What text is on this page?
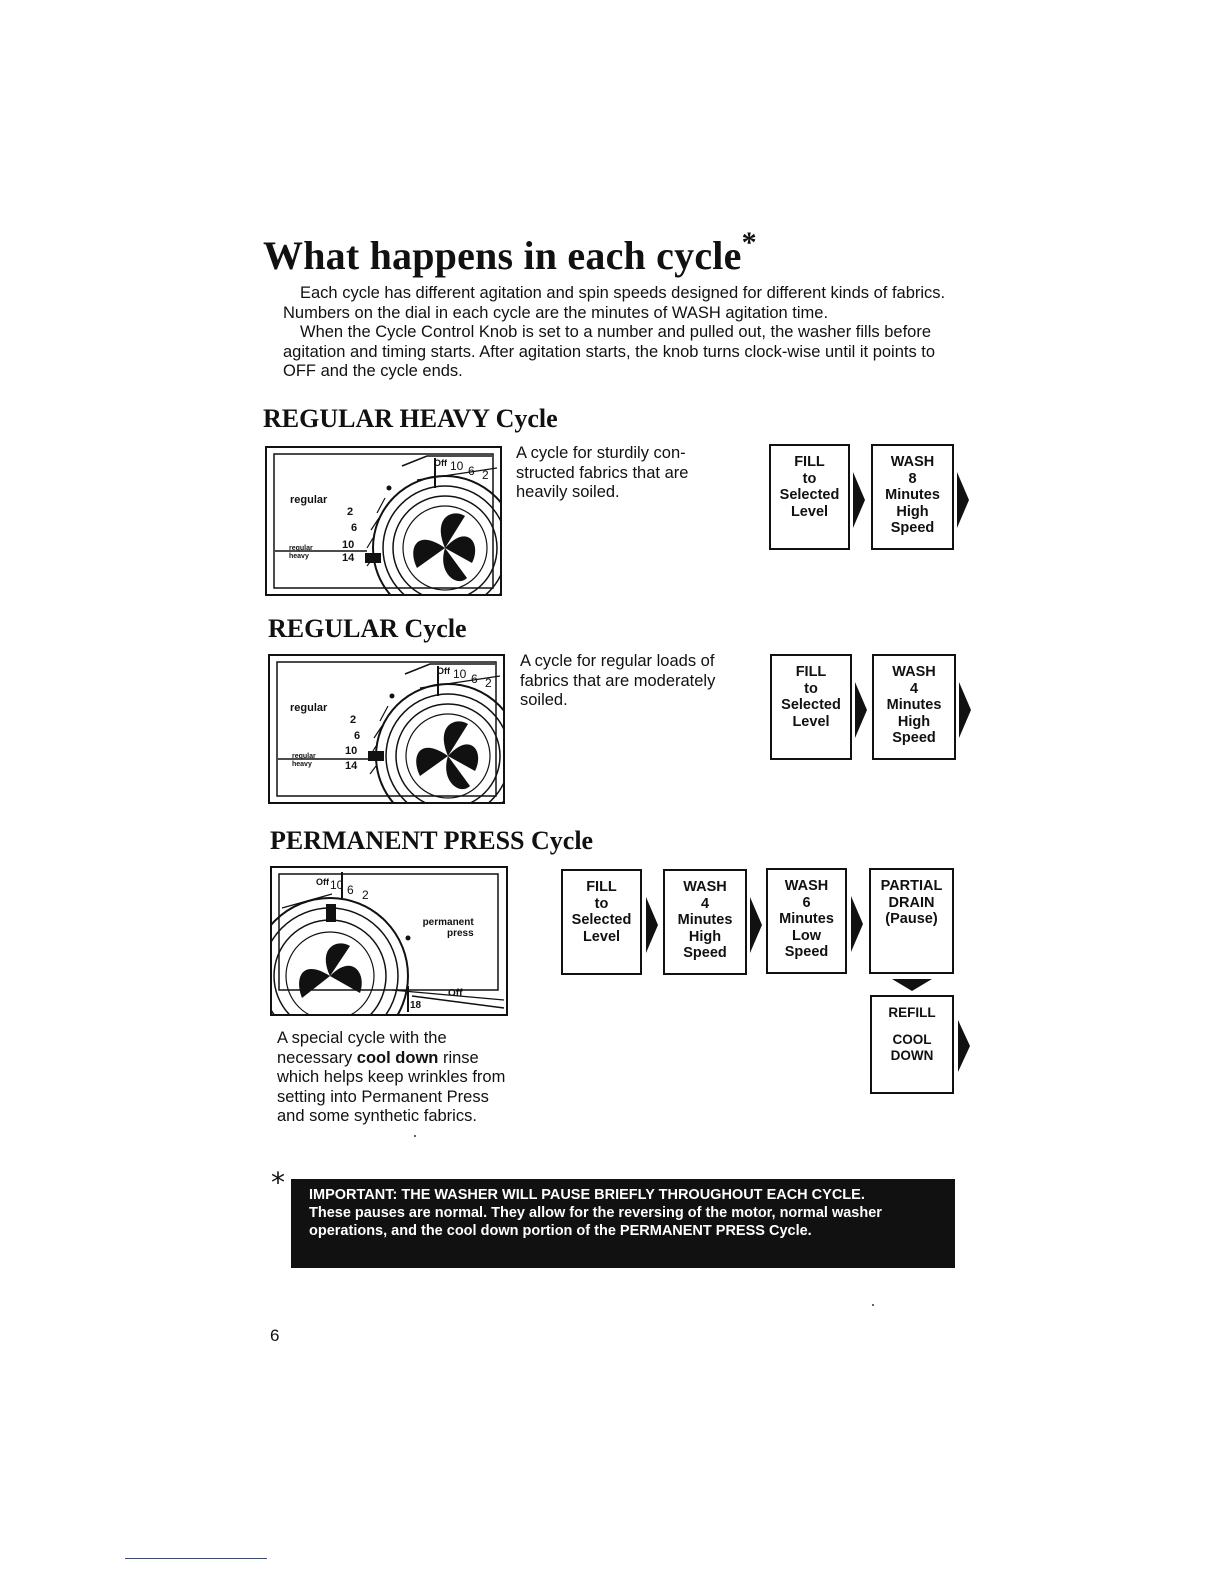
What happens in each cycle*

Each cycle has different agitation and spin speeds designed for different kinds of fabrics. Numbers on the dial in each cycle are the minutes of WASH agitation time.

When the Cycle Control Knob is set to a number and pulled out, the washer fills before agitation and timing starts. After agitation starts, the knob turns clock-wise until it points to OFF and the cycle ends.

REGULAR HEAVY Cycle
regular
regular
heavy
Off 10 6 2
2
6
10
14
A cycle for sturdily con-structed fabrics that are heavily soiled.
FILL
to
Selected
Level
WASH
8
Minutes
High
Speed
REGULAR Cycle
regular
regular
heavy
Off 10 6 2
2
6
10
14
A cycle for regular loads of fabrics that are moderately soiled.
FILL
to
Selected
Level
WASH
4
Minutes
High
Speed
PERMANENT PRESS Cycle
Off 10 6 2
permanent
press
Off
18
A special cycle with the necessary cool down rinse which helps keep wrinkles from setting into Permanent Press and some synthetic fabrics.
FILL
to
Selected
Level
WASH
4
Minutes
High
Speed
WASH
6
Minutes
Low
Speed
PARTIAL
DRAIN
(Pause)
REFILL
COOL
DOWN
* IMPORTANT: THE WASHER WILL PAUSE BRIEFLY THROUGHOUT EACH CYCLE.
These pauses are normal. They allow for the reversing of the motor, normal washer operations, and the cool down portion of the PERMANENT PRESS Cycle.
6
